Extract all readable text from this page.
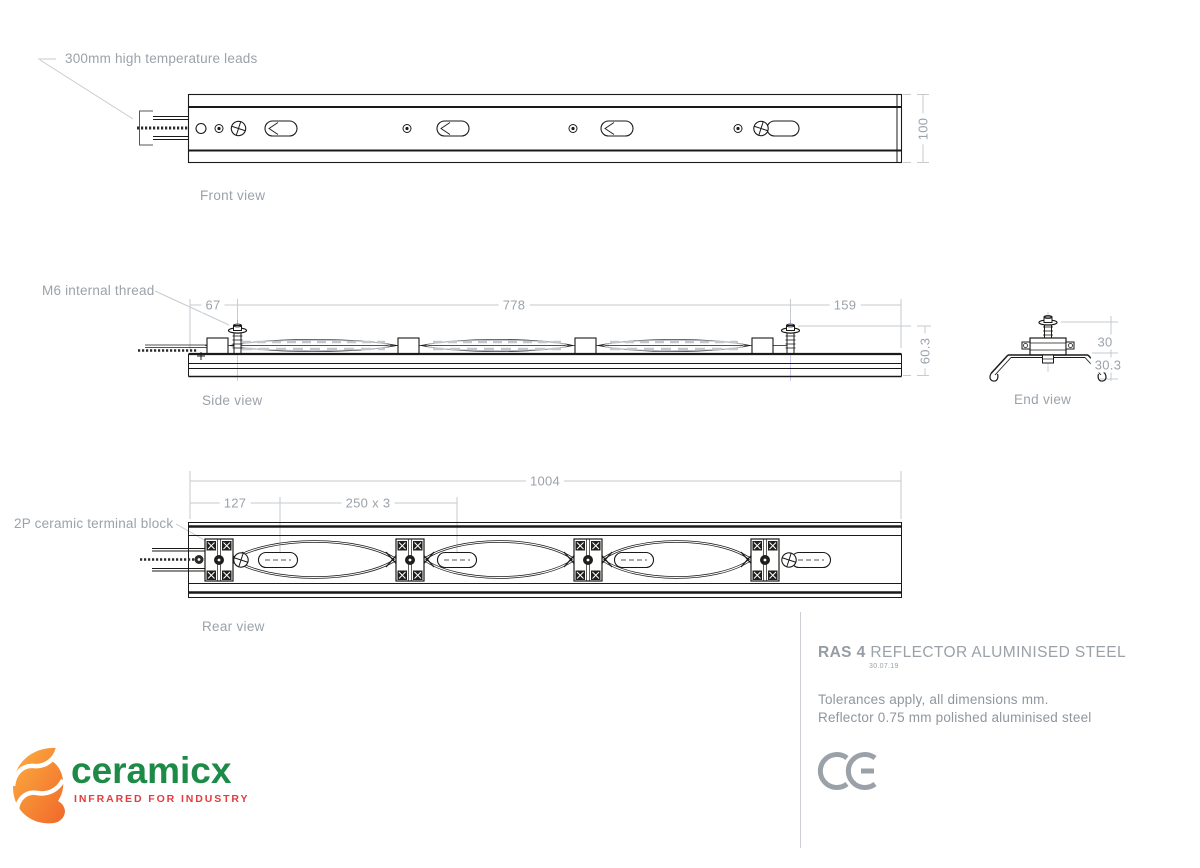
300mm high temperature leads
Front view
M6 internal thread
Side view	End view
2P ceramic terminal block
Rear view
100
67	778	159
60.3	30
30.3
1004
127	250 x 3
RAS 4 REFLECTOR ALUMINISED STEEL
30.07.19
Tolerances apply, all dimensions mm.
Reflector 0.75 mm polished aluminised steel
ceramicx
INFRARED FOR INDUSTRY
